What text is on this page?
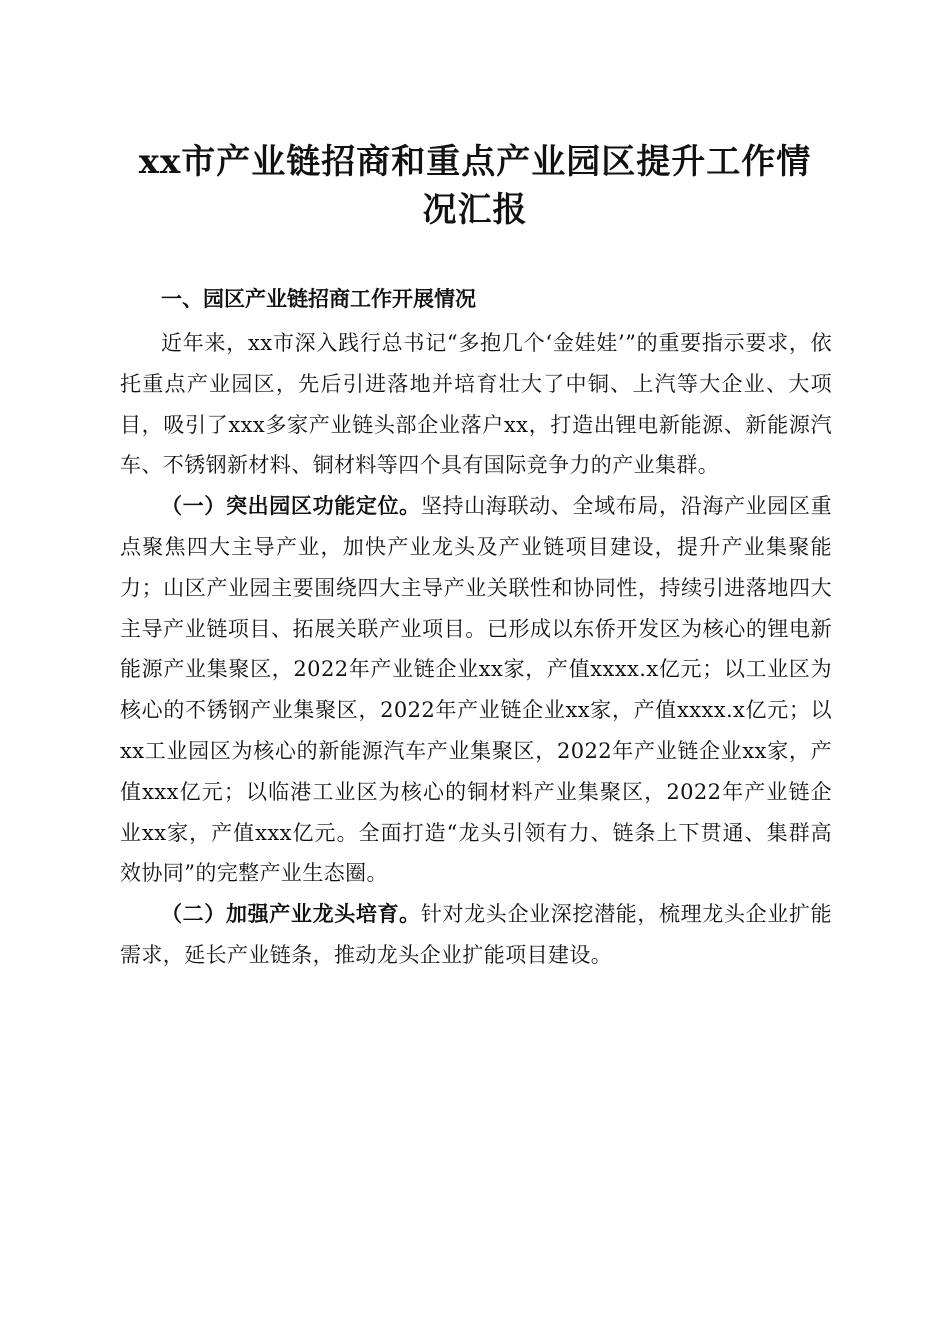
xx市产业链招商和重点产业园区提升工作情
况汇报
一、园区产业链招商工作开展情况

近年来，xx市深入践行总书记“多抱几个‘金娃娃’”的重要指示要求，依托重点产业园区，先后引进落地并培育壮大了中铜、上汽等大企业、大项目，吸引了xxx多家产业链头部企业落户xx，打造出锂电新能源、新能源汽车、不锈钢新材料、铜材料等四个具有国际竞争力的产业集群。

（一）突出园区功能定位。坚持山海联动、全域布局，沿海产业园区重点聚焦四大主导产业，加快产业龙头及产业链项目建设，提升产业集聚能力；山区产业园主要围绕四大主导产业关联性和协同性，持续引进落地四大主导产业链项目、拓展关联产业项目。已形成以东侨开发区为核心的锂电新能源产业集聚区，2022年产业链企业xx家，产值xxxx.x亿元；以工业区为核心的不锈钢产业集聚区，2022年产业链企业xx家，产值xxxx.x亿元；以xx工业园区为核心的新能源汽车产业集聚区，2022年产业链企业xx家，产值xxx亿元；以临港工业区为核心的铜材料产业集聚区，2022年产业链企业xx家，产值xxx亿元。全面打造“龙头引领有力、链条上下贯通、集群高效协同”的完整产业生态圈。

（二）加强产业龙头培育。针对龙头企业深挖潜能，梳理龙头企业扩能需求，延长产业链条，推动龙头企业扩能项目建设。
